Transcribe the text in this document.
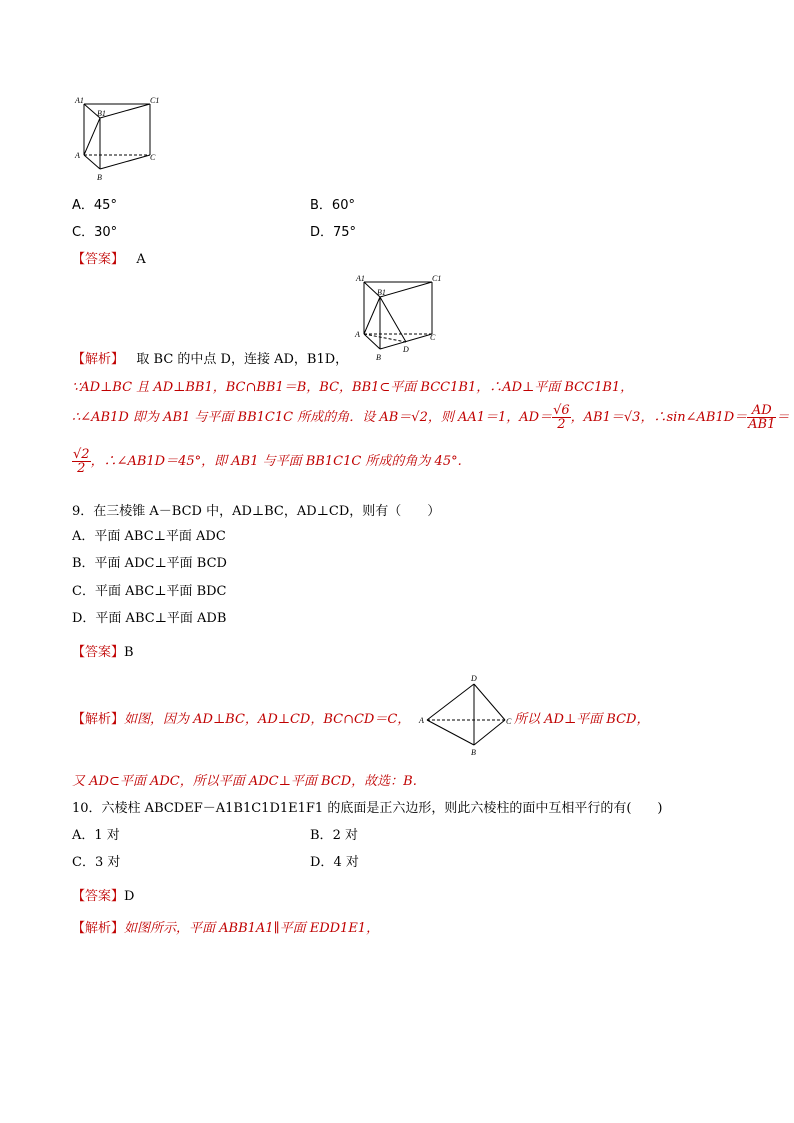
A1
B1
C1
A
B
C
A．45°	B．60°
C．30°	D．75°
【答案】 A
A1
B1
C1
A
B
C
D
【解析】 取 BC 的中点 D，连接 AD，B1D，
∵AD⊥BC 且 AD⊥BB1，BC∩BB1＝B，BC，BB1⊂平面 BCC1B1，∴AD⊥平面 BCC1B1，
∴∠AB1D 即为 AB1 与平面 BB1C1C 所成的角．设 AB＝√2，则 AA1＝1，$AD= \frac{√6}{2}$ ，AB1＝√3，∴sin∠AB1D＝ $\frac{AD}{AB1}$ ＝
$\frac{√2}{2}$ ，∴∠AB1D＝45°，即 AB1 与平面 BB1C1C 所成的角为 45°.
9．在三棱锥 A－BCD 中，AD⊥BC，AD⊥CD，则有（　　）
A．平面 ABC⊥平面 ADC
B．平面 ADC⊥平面 BCD
C．平面 ABC⊥平面 BDC
D．平面 ABC⊥平面 ADB
【答案】B
D
A	C
B
【解析】如图，因为 AD⊥BC，AD⊥CD，BC∩CD＝C，	所以 AD⊥平面 BCD，
又 AD⊂平面 ADC，所以平面 ADC⊥平面 BCD，故选：B.
10．六棱柱 ABCDEF－A1B1C1D1E1F1 的底面是正六边形，则此六棱柱的面中互相平行的有(　　)
A．1 对	B．2 对
C．3 对	D．4 对
【答案】D
【解析】如图所示，平面 ABB1A1∥平面 EDD1E1，
